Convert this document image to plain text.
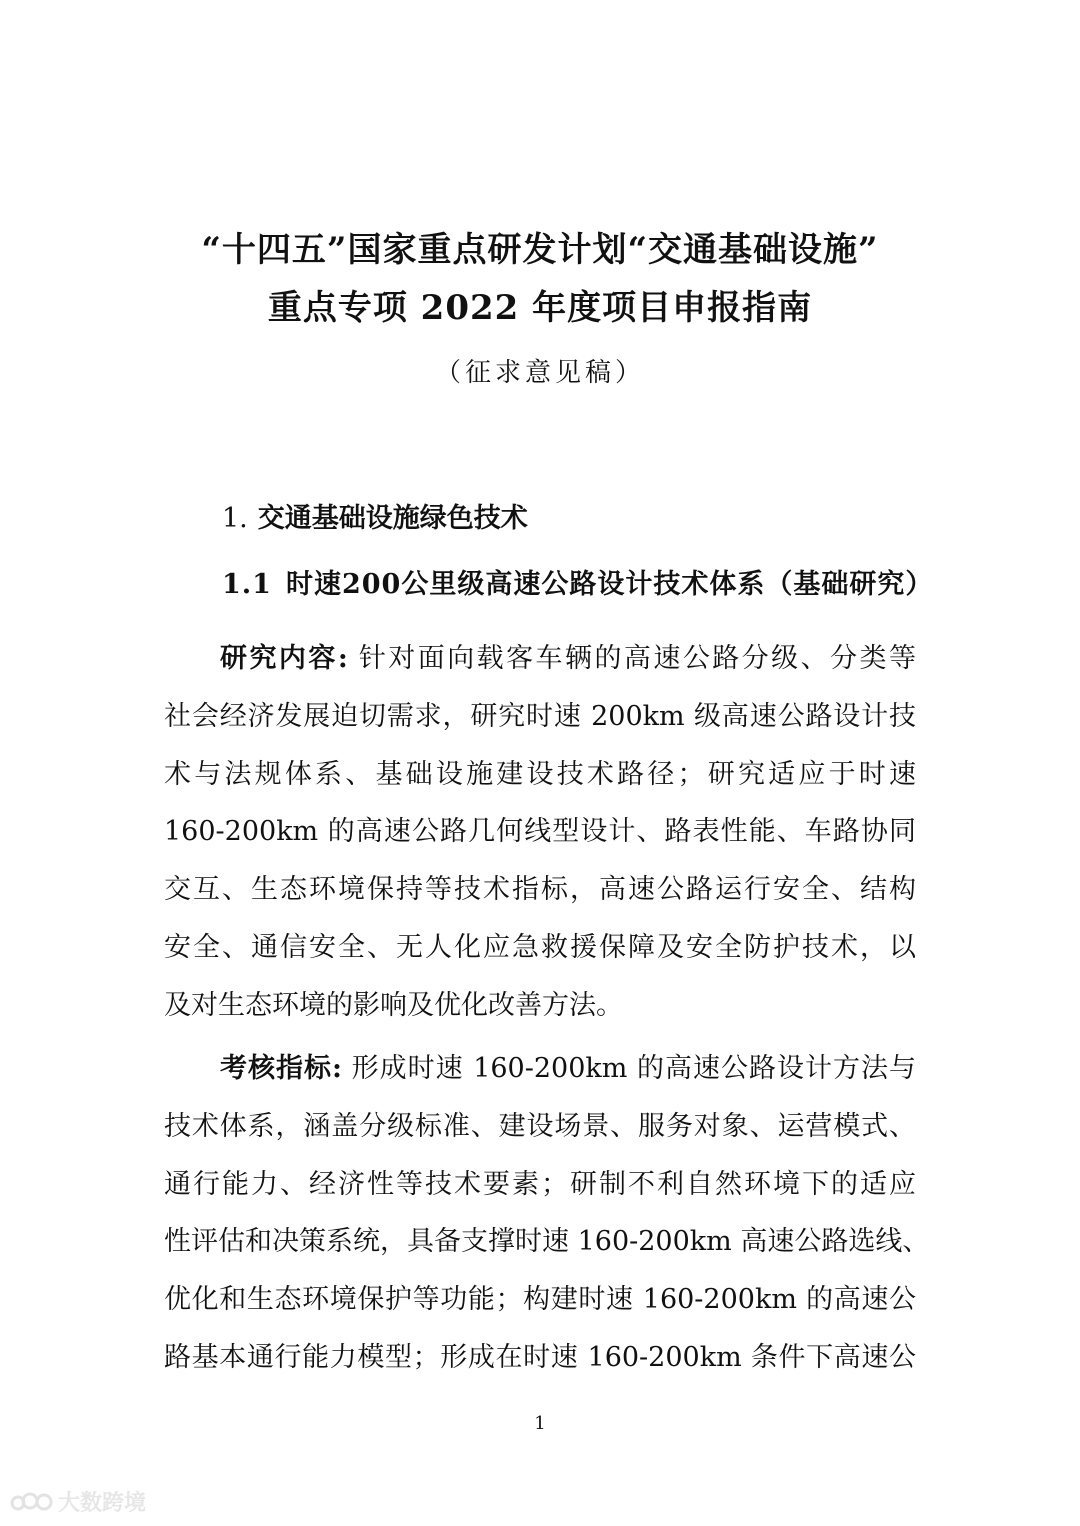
“十四五”国家重点研发计划“交通基础设施”
重点专项 2022 年度项目申报指南
（征求意见稿）
1. 交通基础设施绿色技术
1.1 时速200公里级高速公路设计技术体系（基础研究）
研究内容: 针对面向载客车辆的高速公路分级、分类等
社会经济发展迫切需求，研究时速 200km 级高速公路设计技
术与法规体系、基础设施建设技术路径；研究适应于时速
160-200km 的高速公路几何线型设计、路表性能、车路协同
交互、生态环境保持等技术指标，高速公路运行安全、结构
安全、通信安全、无人化应急救援保障及安全防护技术，以
及对生态环境的影响及优化改善方法。
考核指标: 形成时速 160-200km 的高速公路设计方法与
技术体系，涵盖分级标准、建设场景、服务对象、运营模式、
通行能力、经济性等技术要素；研制不利自然环境下的适应
性评估和决策系统，具备支撑时速 160-200km 高速公路选线、
优化和生态环境保护等功能；构建时速 160-200km 的高速公
路基本通行能力模型；形成在时速 160-200km 条件下高速公
1
大数跨境
